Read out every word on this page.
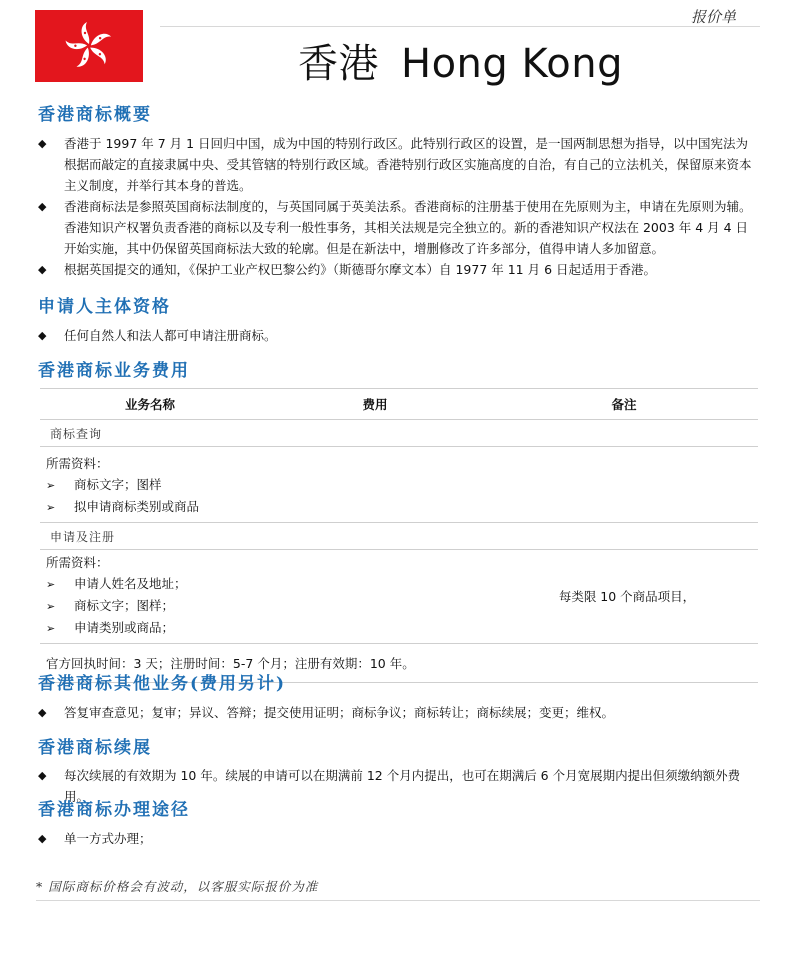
报价单
香港 Hong Kong
香港商标概要
◆ 香港于 1997 年 7 月 1 日回归中国，成为中国的特别行政区。此特别行政区的设置，是一国两制思想为指导，以中国宪法为根据而敲定的直接隶属中央、受其管辖的特别行政区域。香港特别行政区实施高度的自治，有自己的立法机关，保留原来资本主义制度，并举行其本身的普选。
◆ 香港商标法是参照英国商标法制度的，与英国同属于英美法系。香港商标的注册基于使用在先原则为主，申请在先原则为辅。香港知识产权署负责香港的商标以及专利一般性事务，其相关法规是完全独立的。新的香港知识产权法在 2003 年 4 月 4 日开始实施，其中仍保留英国商标法大致的轮廓。但是在新法中，增删修改了许多部分，值得申请人多加留意。
◆ 根据英国提交的通知，《保护工业产权巴黎公约》（斯德哥尔摩文本）自 1977 年 11 月 6 日起适用于香港。
申请人主体资格
◆ 任何自然人和法人都可申请注册商标。
香港商标业务费用
业务名称	费用	备注
商标查询		

所需资料：
➢ 商标文字；图样
➢ 拟申请商标类别或商品		

申请及注册		

所需资料：
➢ 申请人姓名及地址；
➢ 商标文字；图样；
➢ 申请类别或商品；		每类限 10 个商品项目，
官方回执时间：3 天；注册时间：5-7 个月；注册有效期：10 年。		
香港商标其他业务(费用另计)
◆ 答复审查意见；复审；异议、答辩；提交使用证明；商标争议；商标转让；商标续展；变更；维权。
香港商标续展
◆ 每次续展的有效期为 10 年。续展的申请可以在期满前 12 个月内提出，也可在期满后 6 个月宽展期内提出但须缴纳额外费用。
香港商标办理途径
◆ 单一方式办理；
* 国际商标价格会有波动，以客服实际报价为准
